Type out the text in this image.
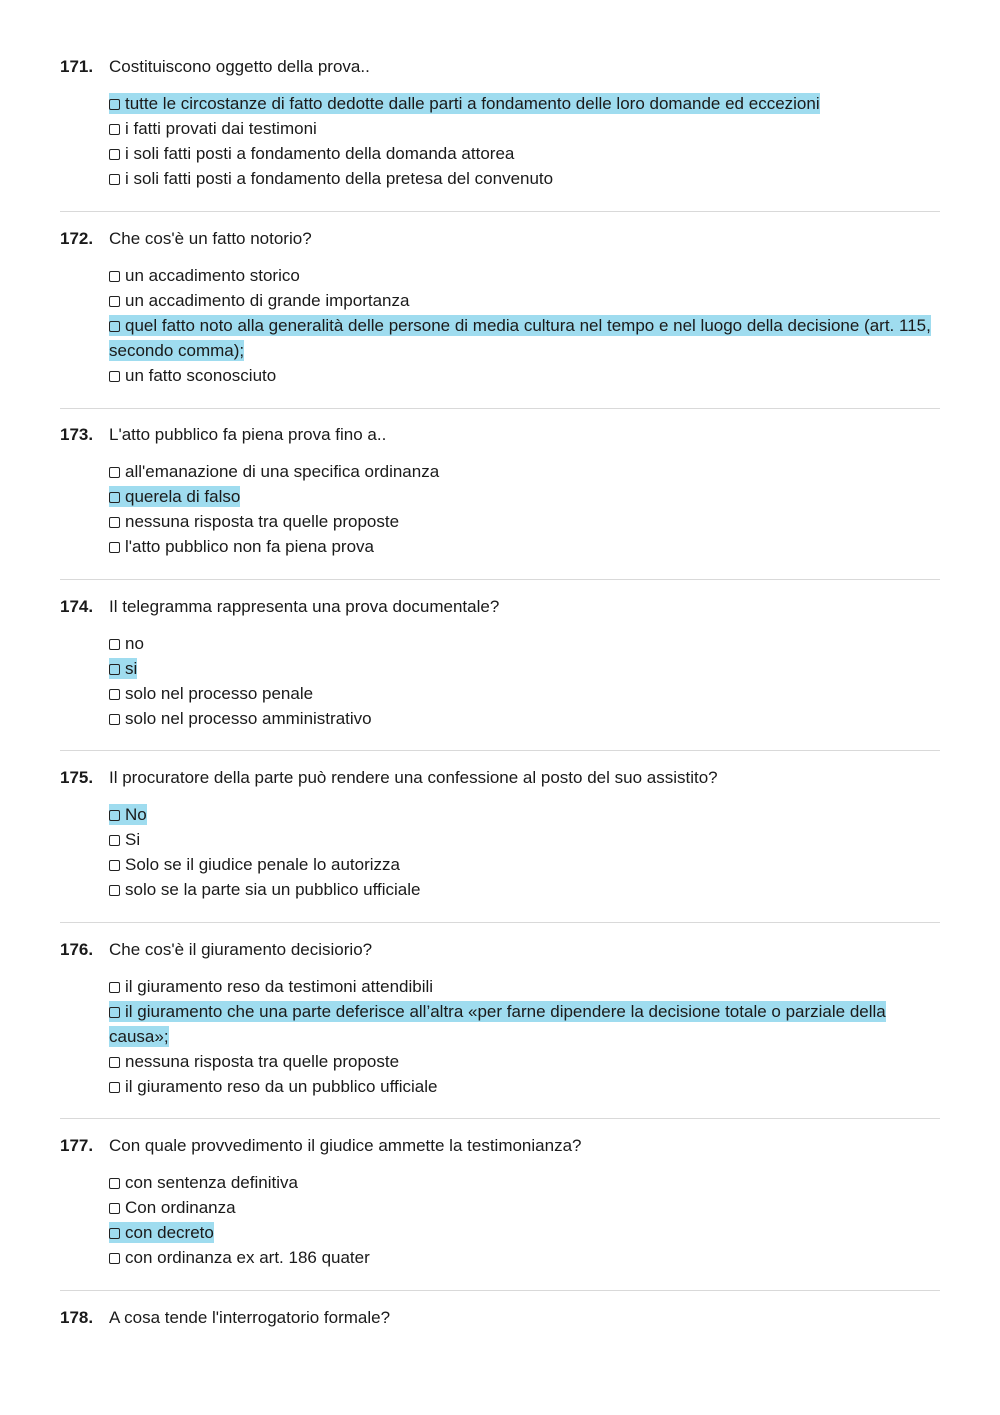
171. Costituiscono oggetto della prova..
tutte le circostanze di fatto dedotte dalle parti a fondamento delle loro domande ed eccezioni
i fatti provati dai testimoni
i soli fatti posti a fondamento della domanda attorea
i soli fatti posti a fondamento della pretesa del convenuto
172. Che cos'è un fatto notorio?
un accadimento storico
un accadimento di grande importanza
quel fatto noto alla generalità delle persone di media cultura nel tempo e nel luogo della decisione (art. 115, secondo comma);
un fatto sconosciuto
173. L'atto pubblico fa piena prova fino a..
all'emanazione di una specifica ordinanza
querela di falso
nessuna risposta tra quelle proposte
l'atto pubblico non fa piena prova
174. Il telegramma rappresenta una prova documentale?
no
si
solo nel processo penale
solo nel processo amministrativo
175. Il procuratore della parte può rendere una confessione al posto del suo assistito?
No
Si
Solo se il giudice penale lo autorizza
solo se la parte sia un pubblico ufficiale
176. Che cos'è il giuramento decisiorio?
il giuramento reso da testimoni attendibili
il giuramento che una parte deferisce all’altra «per farne dipendere la decisione totale o parziale della causa»;
nessuna risposta tra quelle proposte
il giuramento reso da un pubblico ufficiale
177. Con quale provvedimento il giudice ammette la testimonianza?
con sentenza definitiva
Con ordinanza
con decreto
con ordinanza ex art. 186 quater
178. A cosa tende l'interrogatorio formale?
